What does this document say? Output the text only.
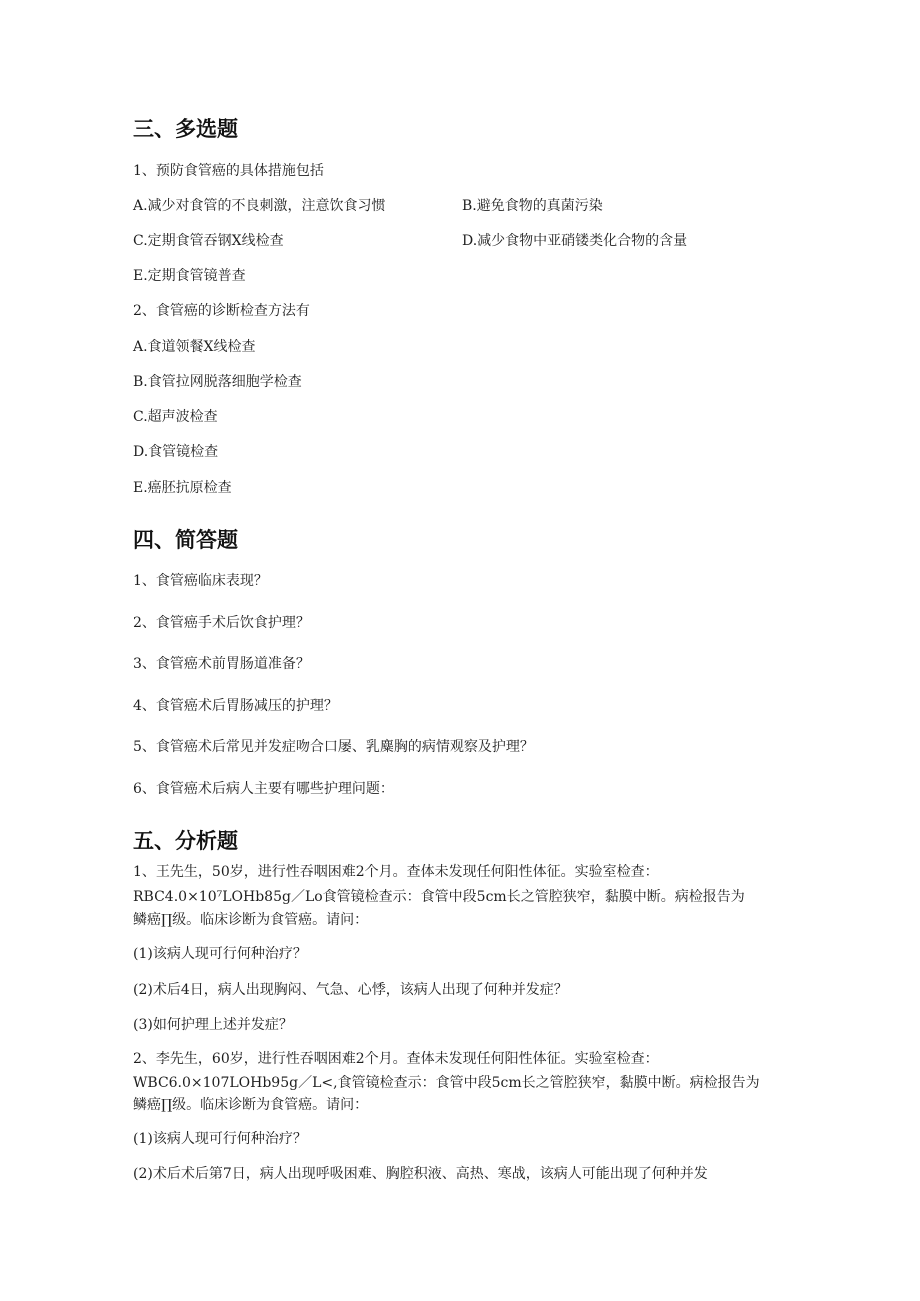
三、多选题
1、预防食管癌的具体措施包括
A.减少对食管的不良刺激，注意饮食习惯	B.避免食物的真菌污染
C.定期食管吞钢X线检查	D.减少食物中亚硝镂类化合物的含量
E.定期食管镜普查
2、食管癌的诊断检查方法有
A.食道领餐X线检查
B.食管拉网脱落细胞学检查
C.超声波检查
D.食管镜检查
E.癌胚抗原检查
四、简答题
1、食管癌临床表现？
2、食管癌手术后饮食护理？
3、食管癌术前胃肠道准备？
4、食管癌术后胃肠减压的护理？
5、食管癌术后常见并发症吻合口屡、乳麋胸的病情观察及护理？
6、食管癌术后病人主要有哪些护理问题：
五、分析题
1、王先生，50岁，进行性吞咽困难2个月。查体未发现任何阳性体征。实验室检查：
RBC4.0×10⁷LOHb85g／Lo食管镜检查示：食管中段5cm长之管腔狭窄，黏膜中断。病检报告为
鳞癌∏级。临床诊断为食管癌。请问：
(1)该病人现可行何种治疗？
(2)术后4日，病人出现胸闷、气急、心悸，该病人出现了何种并发症？
(3)如何护理上述并发症？
2、李先生，60岁，进行性吞咽困难2个月。查体未发现任何阳性体征。实验室检查：
WBC6.0×107LOHb95g／L<,食管镜检查示：食管中段5cm长之管腔狭窄，黏膜中断。病检报告为
鳞癌∏级。临床诊断为食管癌。请问：
(1)该病人现可行何种治疗？
(2)术后术后第7日，病人出现呼吸困难、胸腔积液、高热、寒战，该病人可能出现了何种并发
